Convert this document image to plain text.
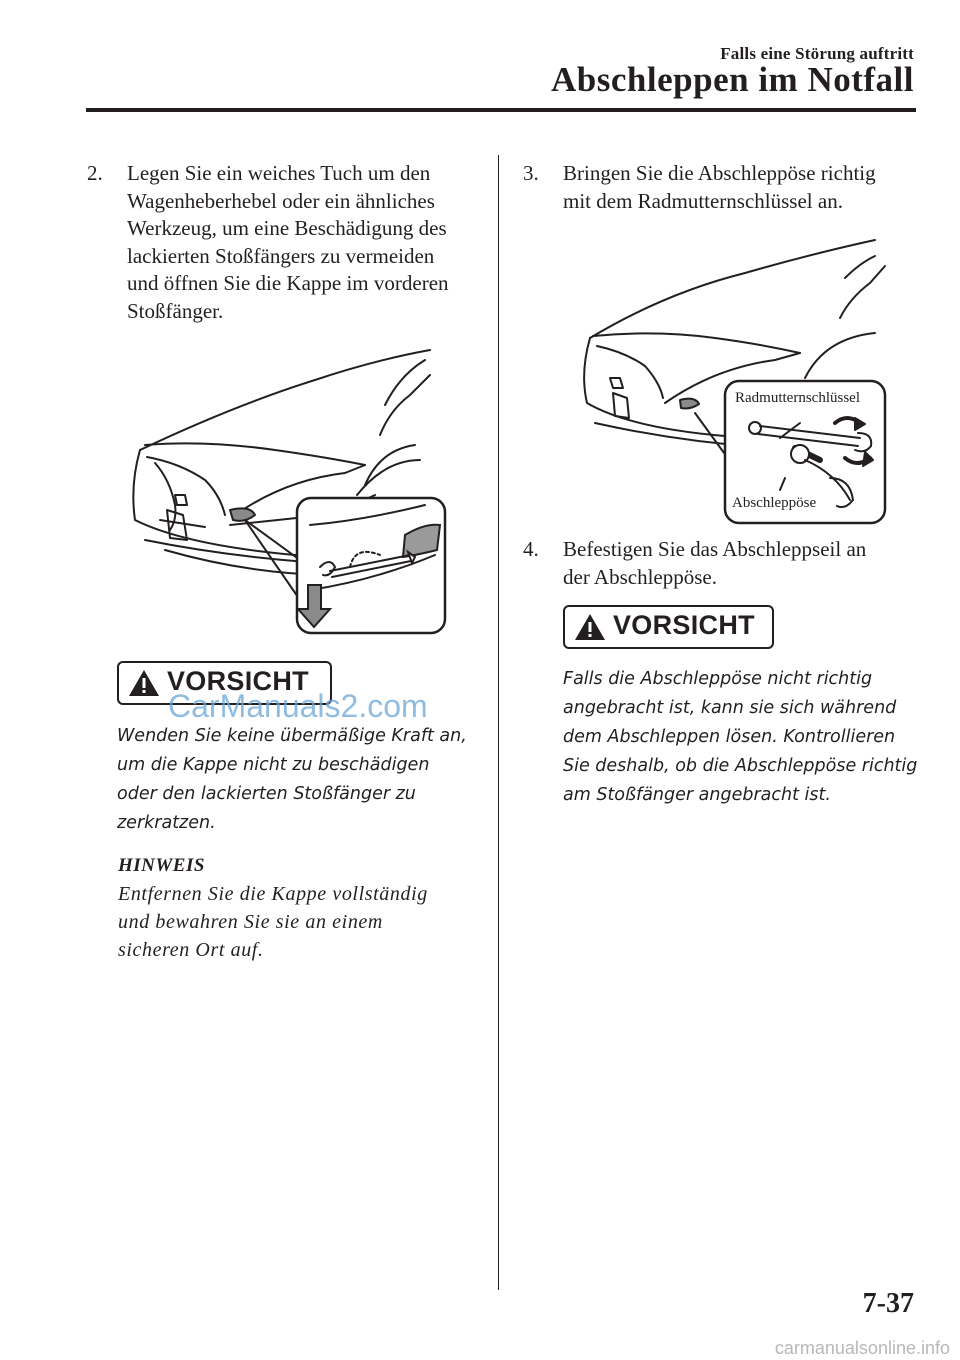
Falls eine Störung auftritt
Abschleppen im Notfall
2. Legen Sie ein weiches Tuch um den
Wagenheberhebel oder ein ähnliches
Werkzeug, um eine Beschädigung des
lackierten Stoßfängers zu vermeiden
und öffnen Sie die Kappe im vorderen
Stoßfänger.
VORSICHT
CarManuals2.com
Wenden Sie keine übermäßige Kraft an,
um die Kappe nicht zu beschädigen
oder den lackierten Stoßfänger zu
zerkratzen.
HINWEIS
Entfernen Sie die Kappe vollständig
und bewahren Sie sie an einem
sicheren Ort auf.
3. Bringen Sie die Abschleppöse richtig
mit dem Radmutternschlüssel an.
Radmutternschlüssel
Abschleppöse
4. Befestigen Sie das Abschleppseil an
der Abschleppöse.
VORSICHT
Falls die Abschleppöse nicht richtig
angebracht ist, kann sie sich während
dem Abschleppen lösen. Kontrollieren
Sie deshalb, ob die Abschleppöse richtig
am Stoßfänger angebracht ist.
7-37
carmanualsonline.info
